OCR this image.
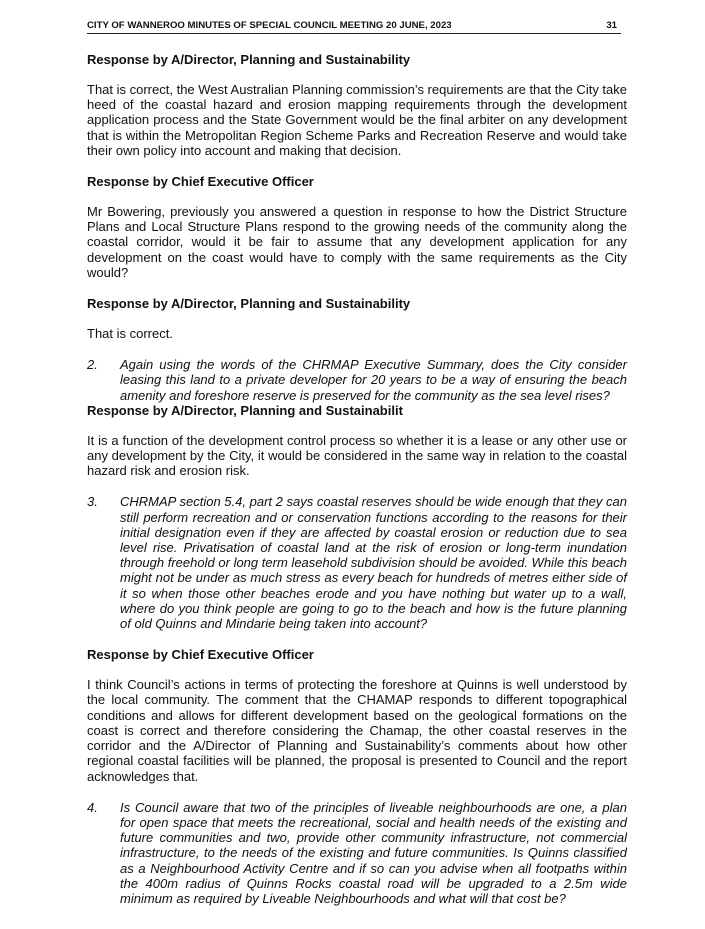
CITY OF WANNEROO MINUTES OF SPECIAL COUNCIL MEETING 20 JUNE, 2023	31

Response by A/Director, Planning and Sustainability

That is correct, the West Australian Planning commission’s requirements are that the City take heed of the coastal hazard and erosion mapping requirements through the development application process and the State Government would be the final arbiter on any development that is within the Metropolitan Region Scheme Parks and Recreation Reserve and would take their own policy into account and making that decision.

Response by Chief Executive Officer

Mr Bowering, previously you answered a question in response to how the District Structure Plans and Local Structure Plans respond to the growing needs of the community along the coastal corridor, would it be fair to assume that any development application for any development on the coast would have to comply with the same requirements as the City would?

Response by A/Director, Planning and Sustainability

That is correct.

2. Again using the words of the CHRMAP Executive Summary, does the City consider leasing this land to a private developer for 20 years to be a way of ensuring the beach amenity and foreshore reserve is preserved for the community as the sea level rises?

Response by A/Director, Planning and Sustainabilit

It is a function of the development control process so whether it is a lease or any other use or any development by the City, it would be considered in the same way in relation to the coastal hazard risk and erosion risk.

3. CHRMAP section 5.4, part 2 says coastal reserves should be wide enough that they can still perform recreation and or conservation functions according to the reasons for their initial designation even if they are affected by coastal erosion or reduction due to sea level rise. Privatisation of coastal land at the risk of erosion or long-term inundation through freehold or long term leasehold subdivision should be avoided. While this beach might not be under as much stress as every beach for hundreds of metres either side of it so when those other beaches erode and you have nothing but water up to a wall, where do you think people are going to go to the beach and how is the future planning of old Quinns and Mindarie being taken into account?

Response by Chief Executive Officer

I think Council’s actions in terms of protecting the foreshore at Quinns is well understood by the local community. The comment that the CHAMAP responds to different topographical conditions and allows for different development based on the geological formations on the coast is correct and therefore considering the Chamap, the other coastal reserves in the corridor and the A/Director of Planning and Sustainability’s comments about how other regional coastal facilities will be planned, the proposal is presented to Council and the report acknowledges that.

4. Is Council aware that two of the principles of liveable neighbourhoods are one, a plan for open space that meets the recreational, social and health needs of the existing and future communities and two, provide other community infrastructure, not commercial infrastructure, to the needs of the existing and future communities. Is Quinns classified as a Neighbourhood Activity Centre and if so can you advise when all footpaths within the 400m radius of Quinns Rocks coastal road will be upgraded to a 2.5m wide minimum as required by Liveable Neighbourhoods and what will that cost be?
